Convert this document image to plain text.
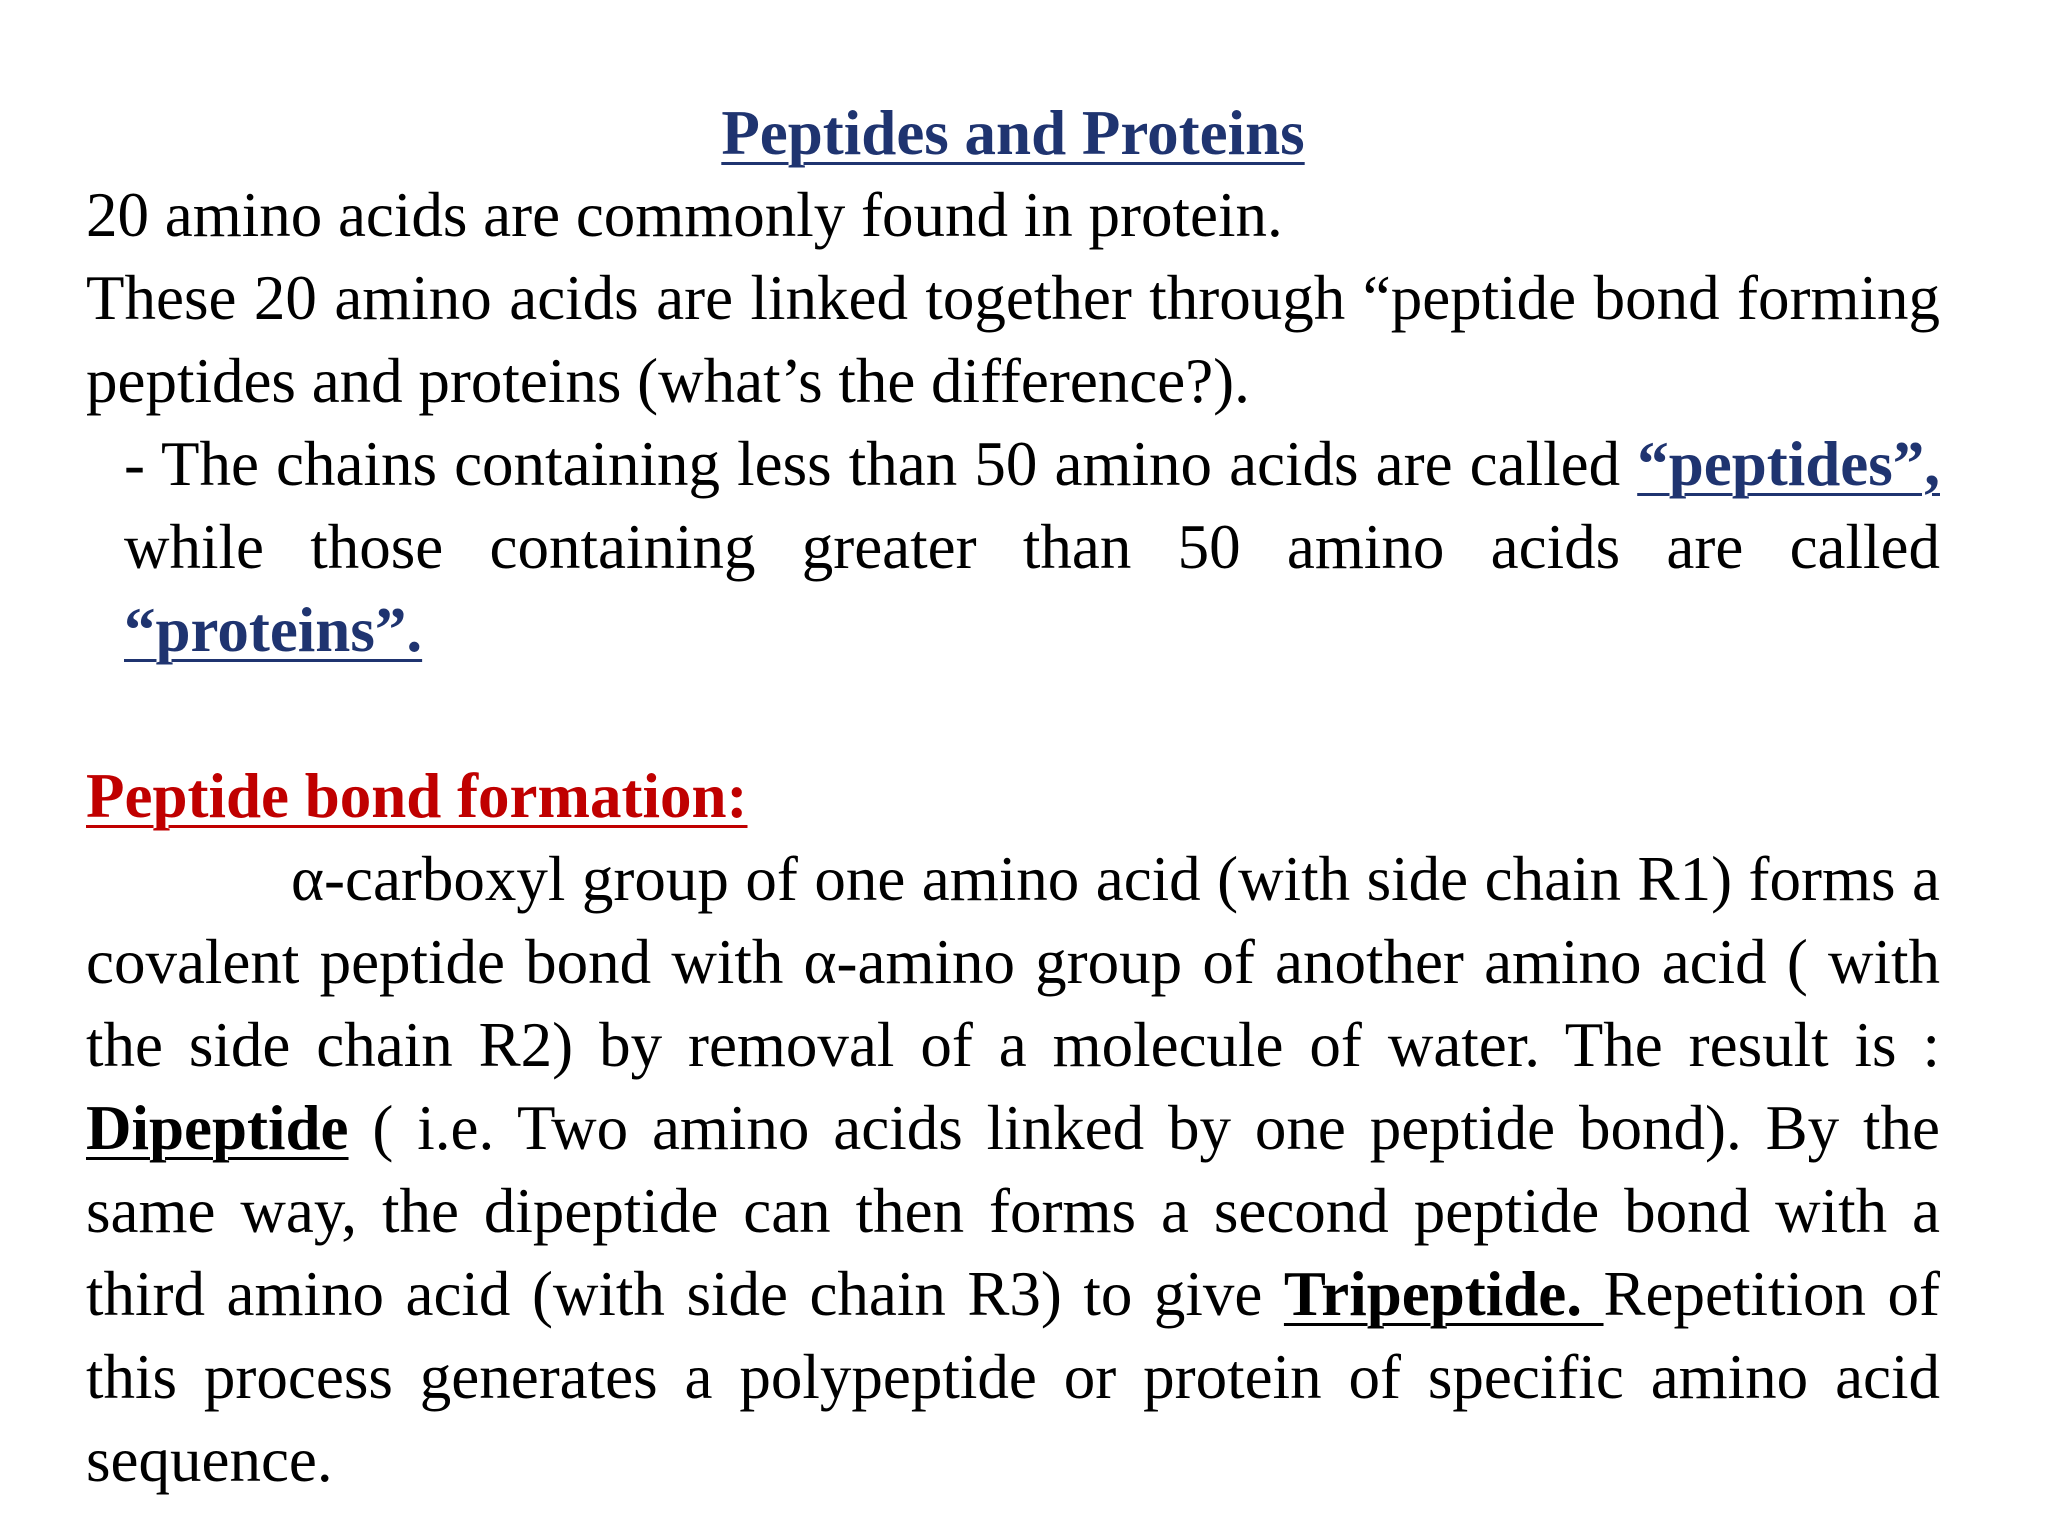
Peptides and Proteins

20 amino acids are commonly found in protein.

These 20 amino acids are linked together through “peptide bond forming peptides and proteins (what’s the difference?).

- The chains containing less than 50 amino acids are called “peptides”, while those containing greater than 50 amino acids are called “proteins”.

Peptide bond formation:

α-carboxyl group of one amino acid (with side chain R1) forms a covalent peptide bond with α-amino group of another amino acid ( with the side chain R2) by removal of a molecule of water. The result is : Dipeptide ( i.e. Two amino acids linked by one peptide bond). By the same way, the dipeptide can then forms a second peptide bond with a third amino acid (with side chain R3) to give Tripeptide. Repetition of this process generates a polypeptide or protein of specific amino acid sequence.
